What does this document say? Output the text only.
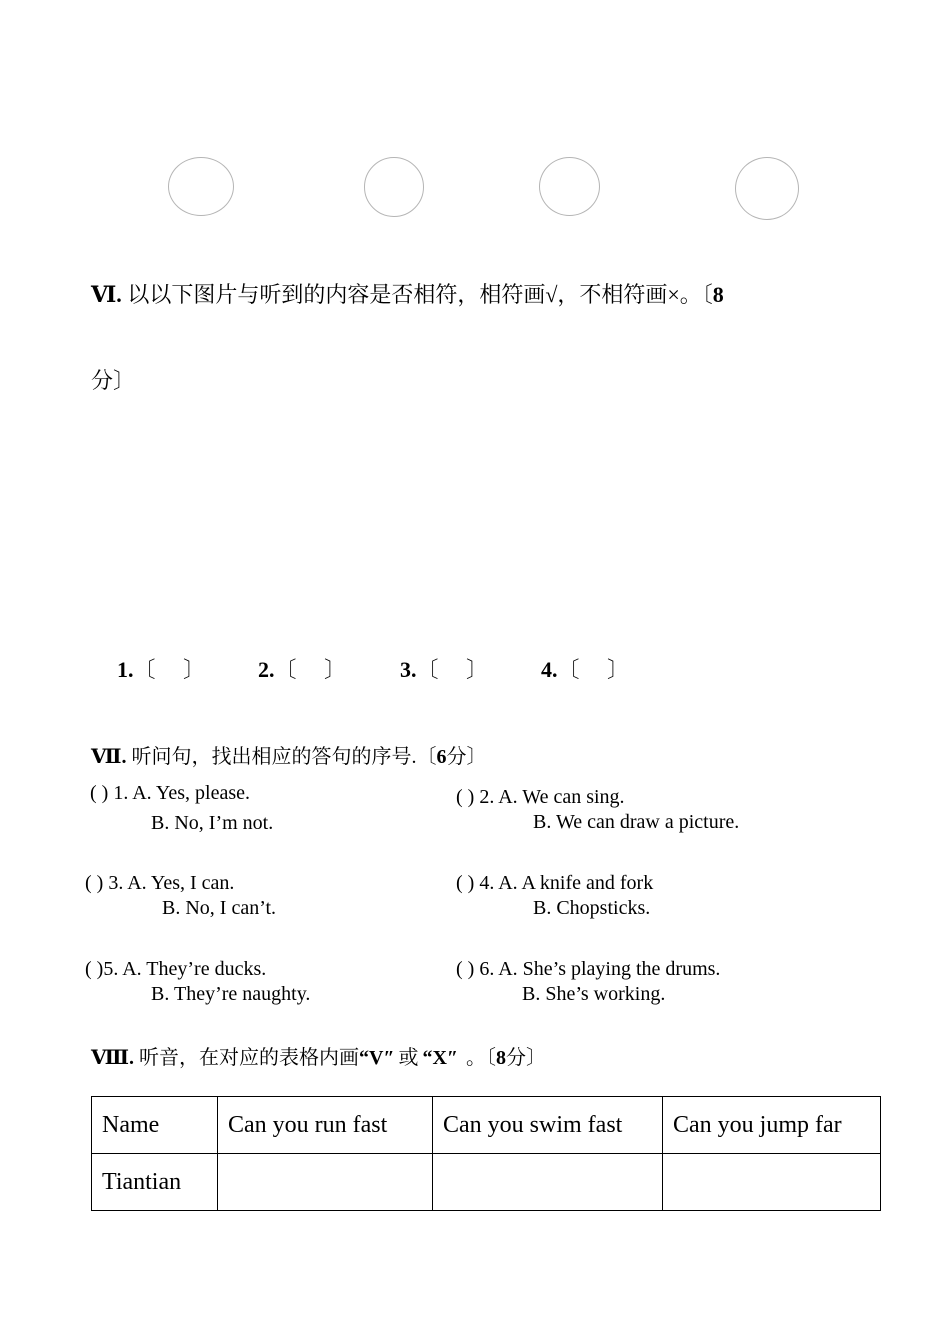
Ⅵ. 以以下图片与听到的内容是否相符，相符画√，不相符画×。〔8
分〕
1.〔　 〕 2.〔　 〕 3.〔　 〕 4.〔　 〕
Ⅶ. 听问句，找出相应的答句的序号.〔6分〕
( ) 1. A. Yes, please.
B. No, I’m not.
( ) 2. A. We can sing.
B. We can draw a picture.
( ) 3. A. Yes, I can.
B. No, I can’t.
( ) 4. A. A knife and fork
B. Chopsticks.
( )5. A. They’re ducks.
B. They’re naughty.
( ) 6. A. She’s playing the drums.
B. She’s working.
Ⅷ. 听音，在对应的表格内画“V″ 或 “X″ 。〔8分〕
Name	Can you run fast	Can you swim fast	Can you jump far
Tiantian			
